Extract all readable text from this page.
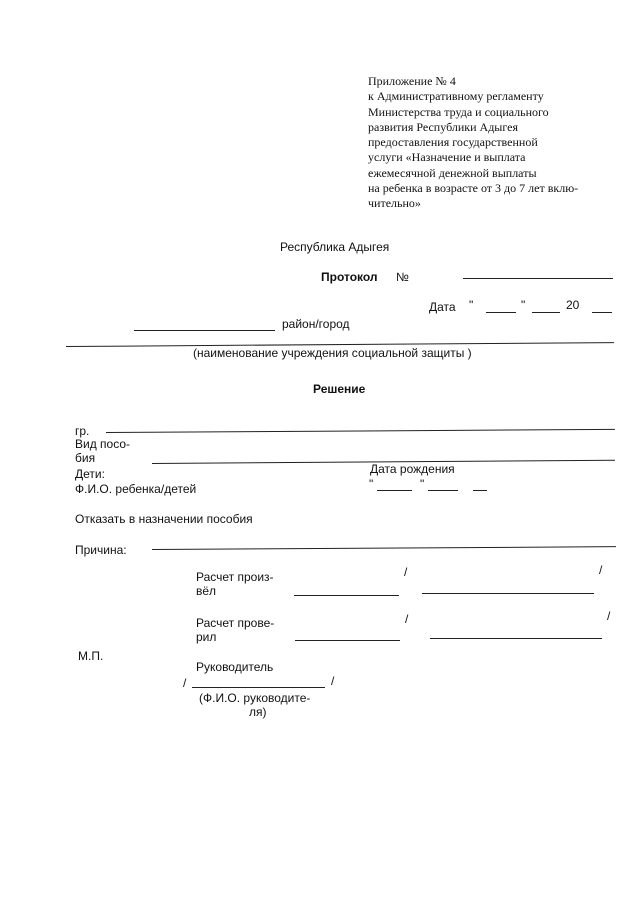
Приложение № 4
к Административному регламенту
Министерства труда и социального
развития Республики Адыгея
предоставления государственной
услуги «Назначение и выплата
ежемесячной денежной выплаты
на ребенка в возрасте от 3 до 7 лет вклю-
чительно»
Республика Адыгея
Протокол №
Дата "	"	20
район/город
(наименование учреждения социальной защиты )
Решение
гр.
Вид посо-
бия
Дети:	Дата рождения
Ф.И.О. ребенка/детей	"	"
Отказать в назначении пособия
Причина:
Расчет произ-
вёл
/	/
Расчет прове-
рил
/	/
М.П.
Руководитель
/	/
(Ф.И.О. руководите-
ля)
